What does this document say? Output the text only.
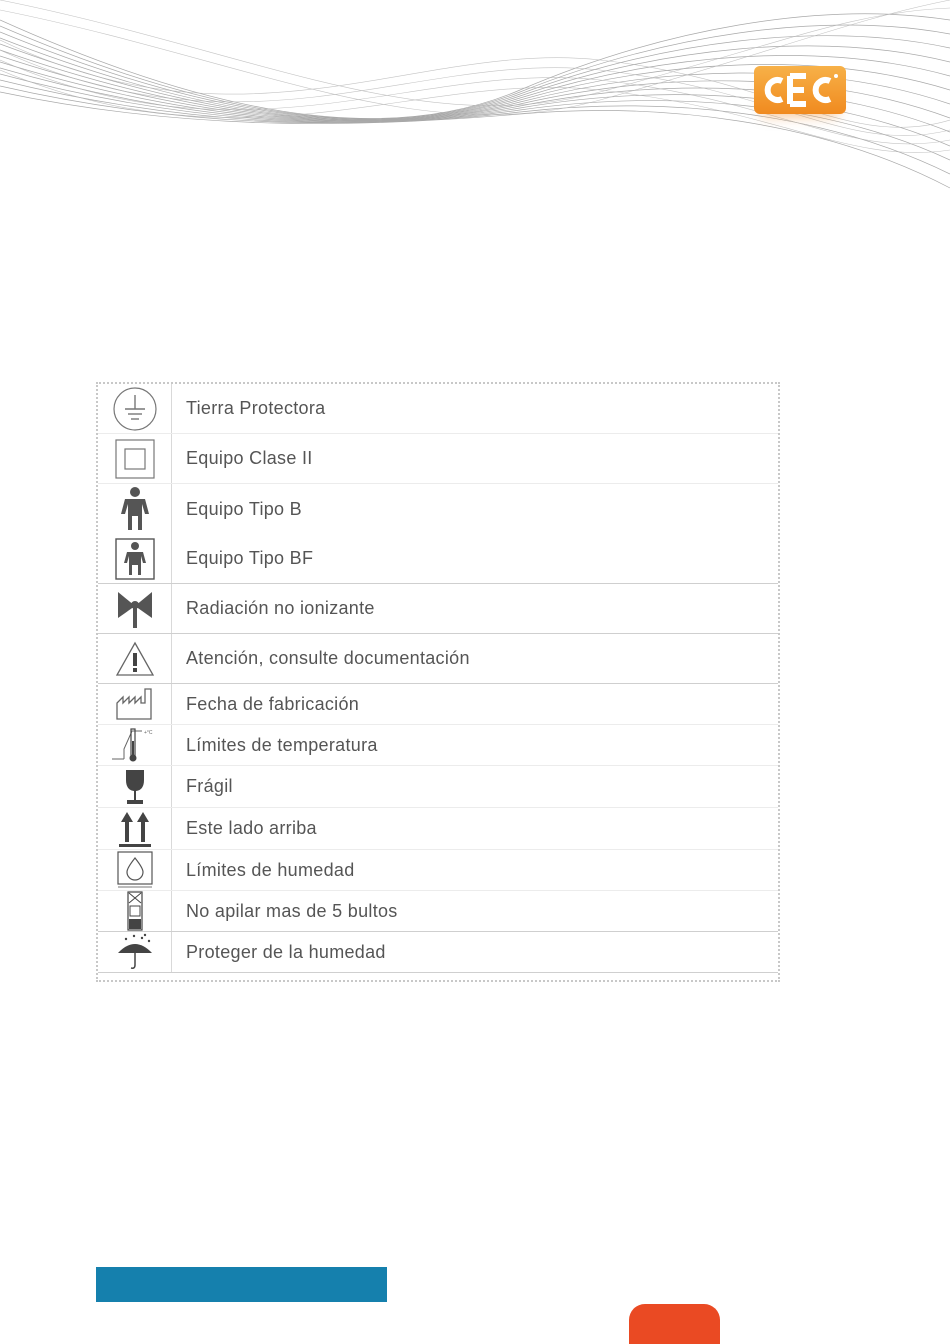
Tierra Protectora
Equipo Clase II
Equipo Tipo B
Equipo Tipo BF
Radiación no ionizante
Atención, consulte documentación
Fecha de fabricación
+°C
Límites de temperatura
Frágil
Este lado arriba
Límites de humedad
No apilar mas de 5 bultos
Proteger de la humedad
